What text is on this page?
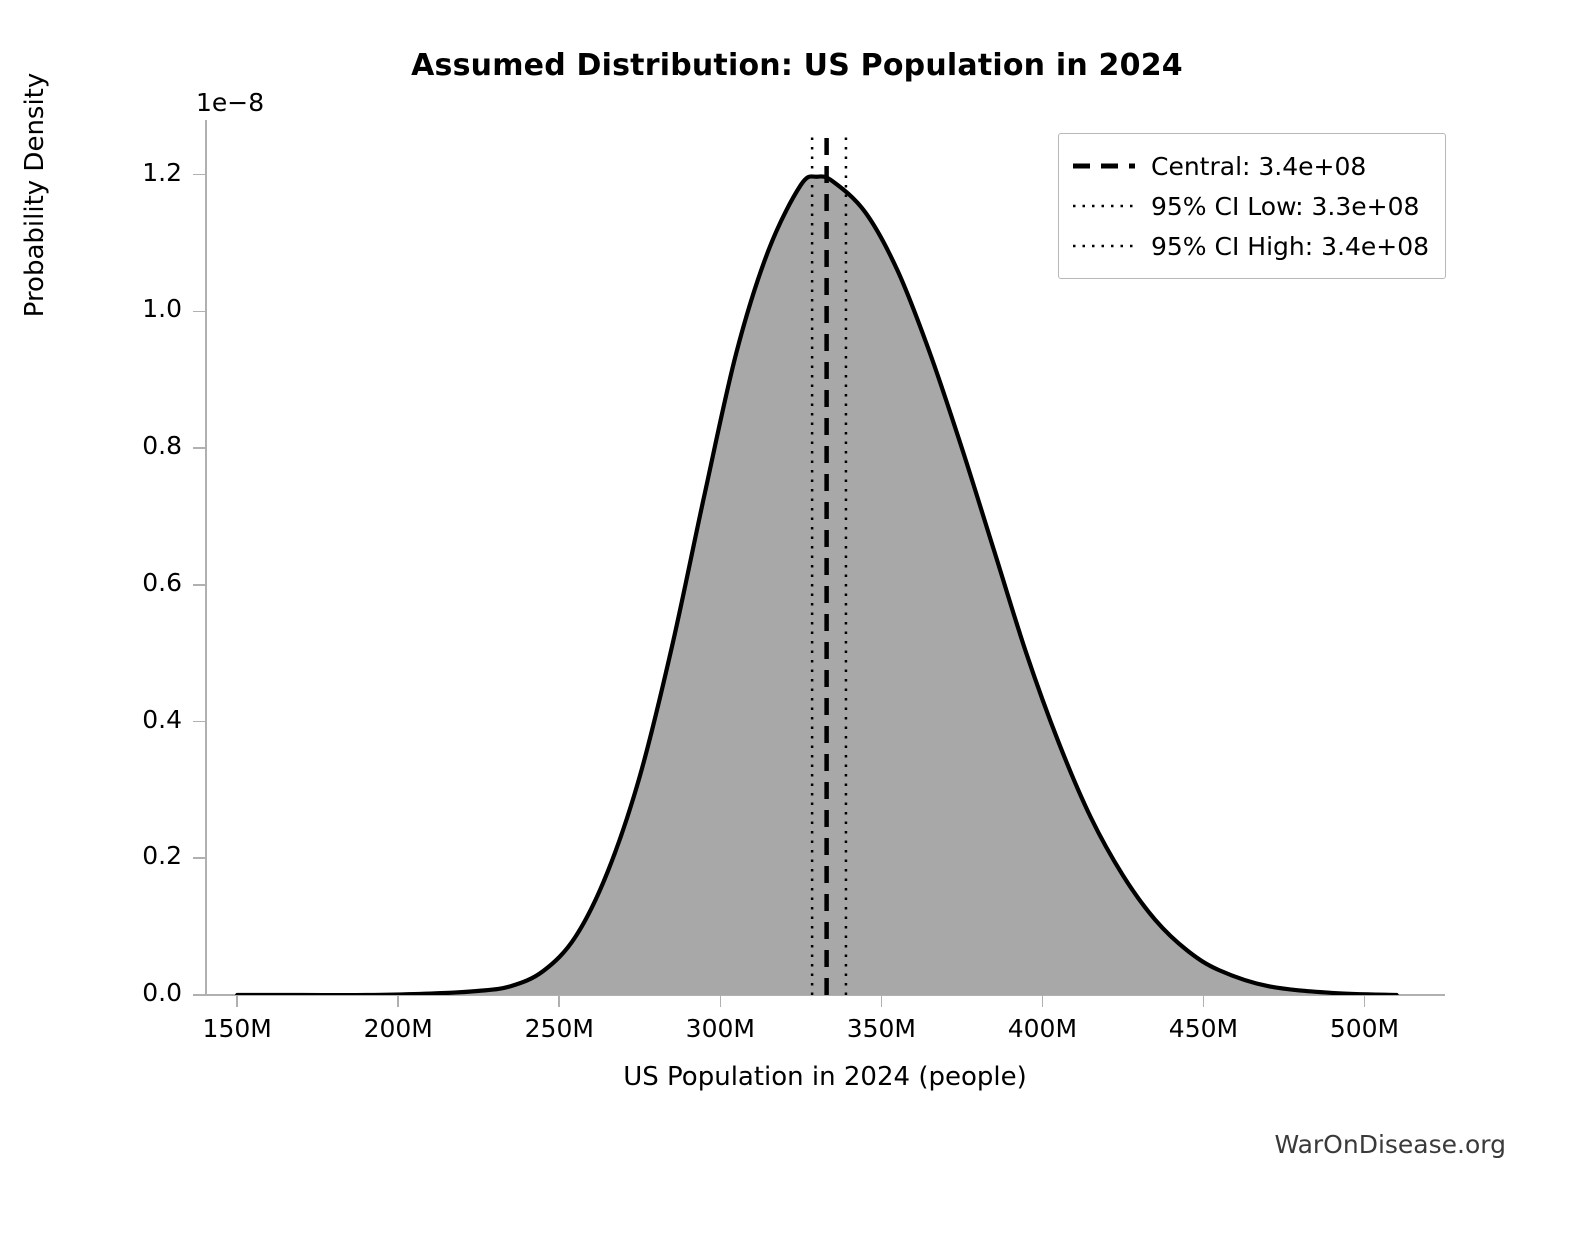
Assumed Distribution: US Population in 2024
1e−8
0.0
0.2
0.4
0.6
0.8
1.0
1.2
150M	200M	250M	300M	350M	400M	450M	500M
US Population in 2024 (people)
Probability Density	Central: 3.4e+08
95% CI Low: 3.3e+08
95% CI High: 3.4e+08
WarOnDisease.org
